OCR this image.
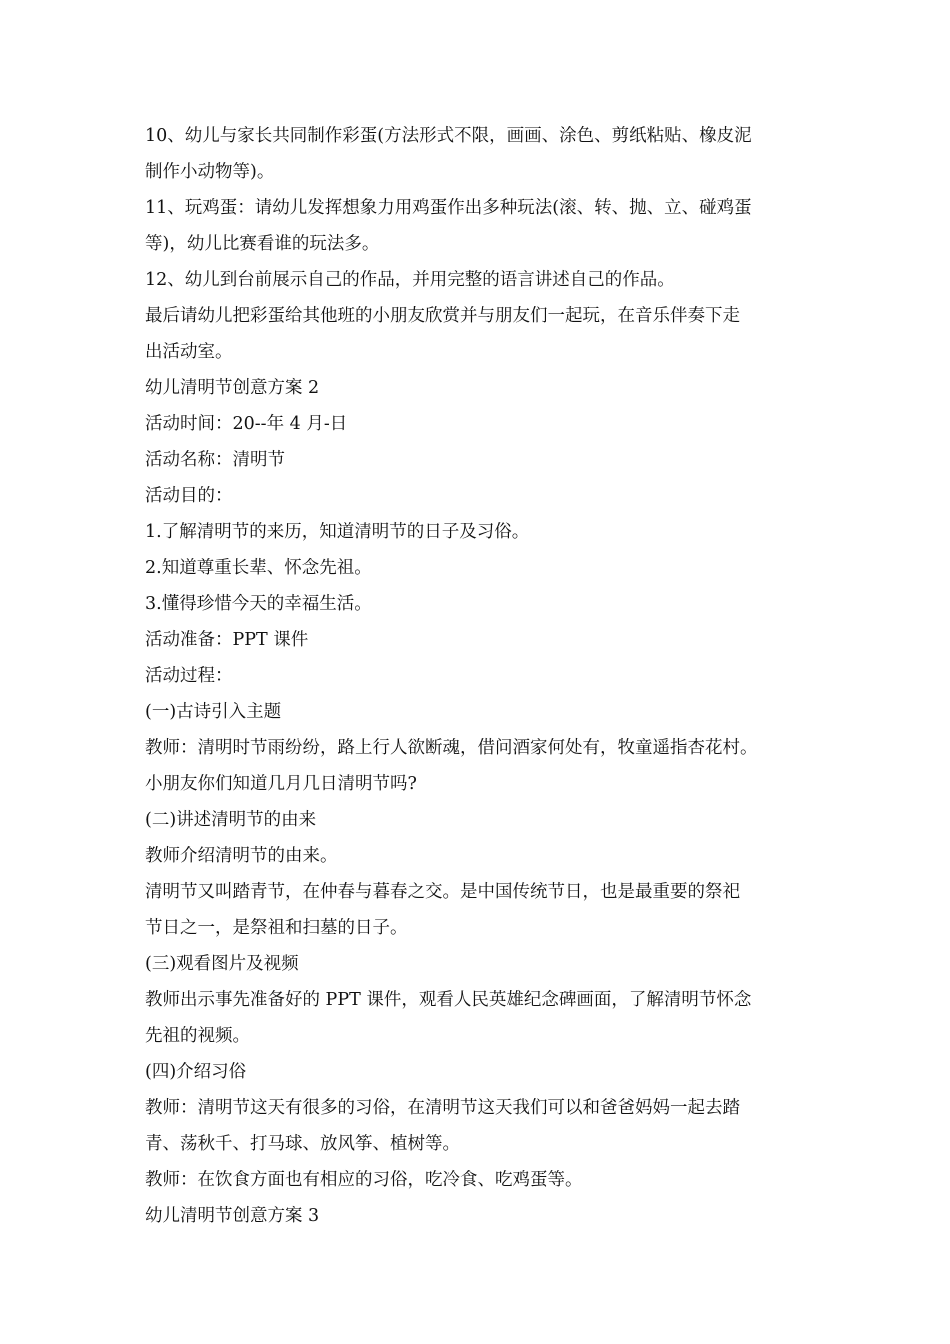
10、幼儿与家长共同制作彩蛋(方法形式不限，画画、涂色、剪纸粘贴、橡皮泥
制作小动物等)。
11、玩鸡蛋：请幼儿发挥想象力用鸡蛋作出多种玩法(滚、转、抛、立、碰鸡蛋
等)，幼儿比赛看谁的玩法多。
12、幼儿到台前展示自己的作品，并用完整的语言讲述自己的作品。
最后请幼儿把彩蛋给其他班的小朋友欣赏并与朋友们一起玩，在音乐伴奏下走
出活动室。
幼儿清明节创意方案 2
活动时间：20--年 4 月-日
活动名称：清明节
活动目的：
1.了解清明节的来历，知道清明节的日子及习俗。
2.知道尊重长辈、怀念先祖。
3.懂得珍惜今天的幸福生活。
活动准备：PPT 课件
活动过程：
(一)古诗引入主题
教师：清明时节雨纷纷，路上行人欲断魂，借问酒家何处有，牧童遥指杏花村。
小朋友你们知道几月几日清明节吗?
(二)讲述清明节的由来
教师介绍清明节的由来。
清明节又叫踏青节，在仲春与暮春之交。是中国传统节日，也是最重要的祭祀
节日之一，是祭祖和扫墓的日子。
(三)观看图片及视频
教师出示事先准备好的 PPT 课件，观看人民英雄纪念碑画面，了解清明节怀念
先祖的视频。
(四)介绍习俗
教师：清明节这天有很多的习俗，在清明节这天我们可以和爸爸妈妈一起去踏
青、荡秋千、打马球、放风筝、植树等。
教师：在饮食方面也有相应的习俗，吃冷食、吃鸡蛋等。
幼儿清明节创意方案 3
